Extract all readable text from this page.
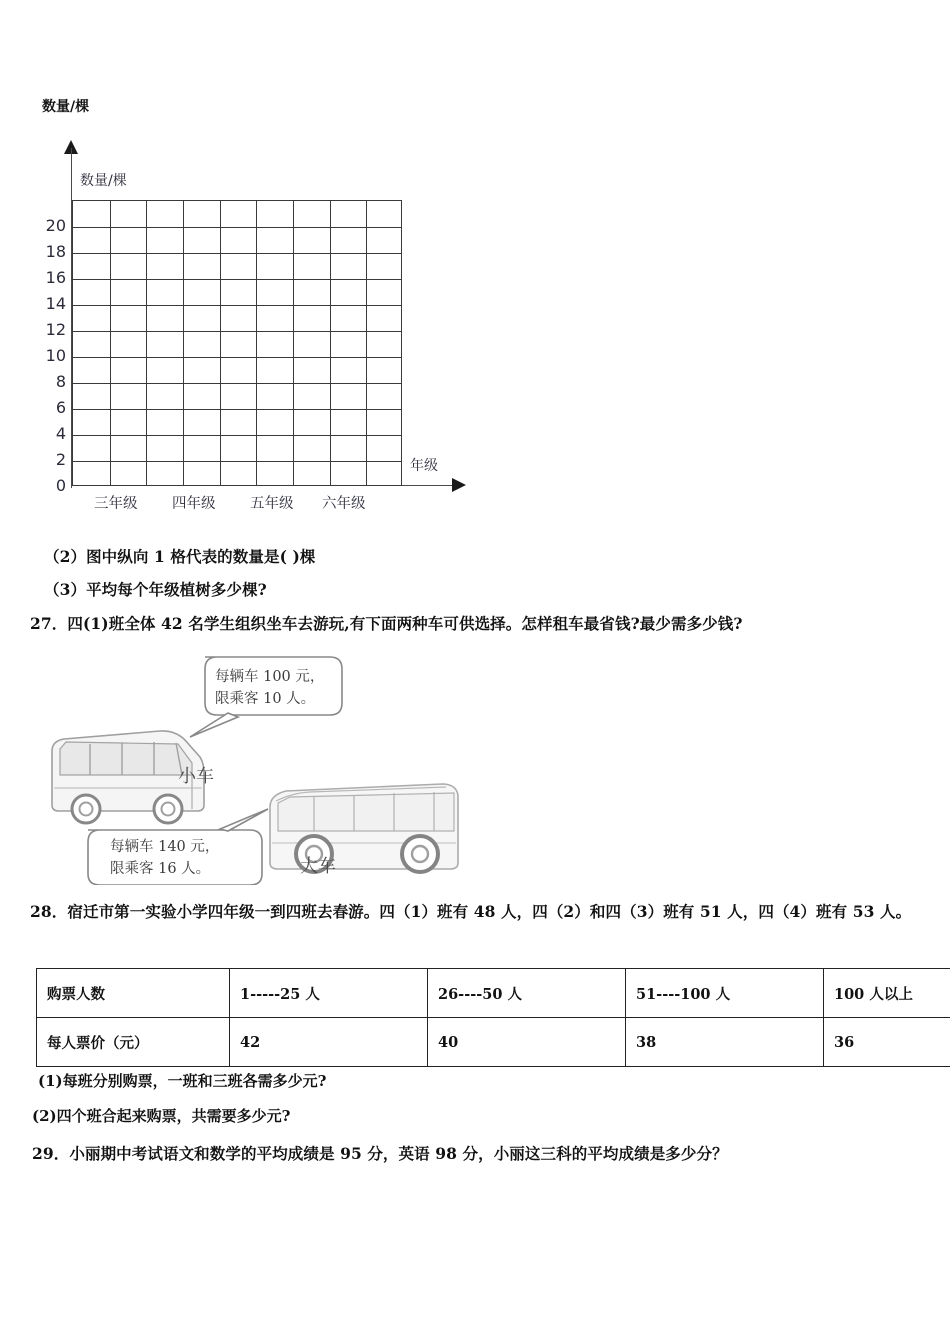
数量/棵
数量/棵
20
18
16
14
12
10
8
6
4
2
0
年级
三年级 四年级 五年级 六年级
（2）图中纵向 1 格代表的数量是( )棵
（3）平均每个年级植树多少棵?
27．四(1)班全体 42 名学生组织坐车去游玩,有下面两种车可供选择。怎样租车最省钱?最少需多少钱?
每辆车 100 元，
限乘客 10 人。
每辆车 140 元，
限乘客 16 人。
小车
大车
28．宿迁市第一实验小学四年级一到四班去春游。四（1）班有 48 人，四（2）和四（3）班有 51 人，四（4）班有 53 人。
购票人数	1-----25 人	26----50 人	51----100 人	100 人以上
每人票价（元）	42	40	38	36
(1)每班分别购票，一班和三班各需多少元?
(2)四个班合起来购票，共需要多少元?
29．小丽期中考试语文和数学的平均成绩是 95 分，英语 98 分，小丽这三科的平均成绩是多少分？
